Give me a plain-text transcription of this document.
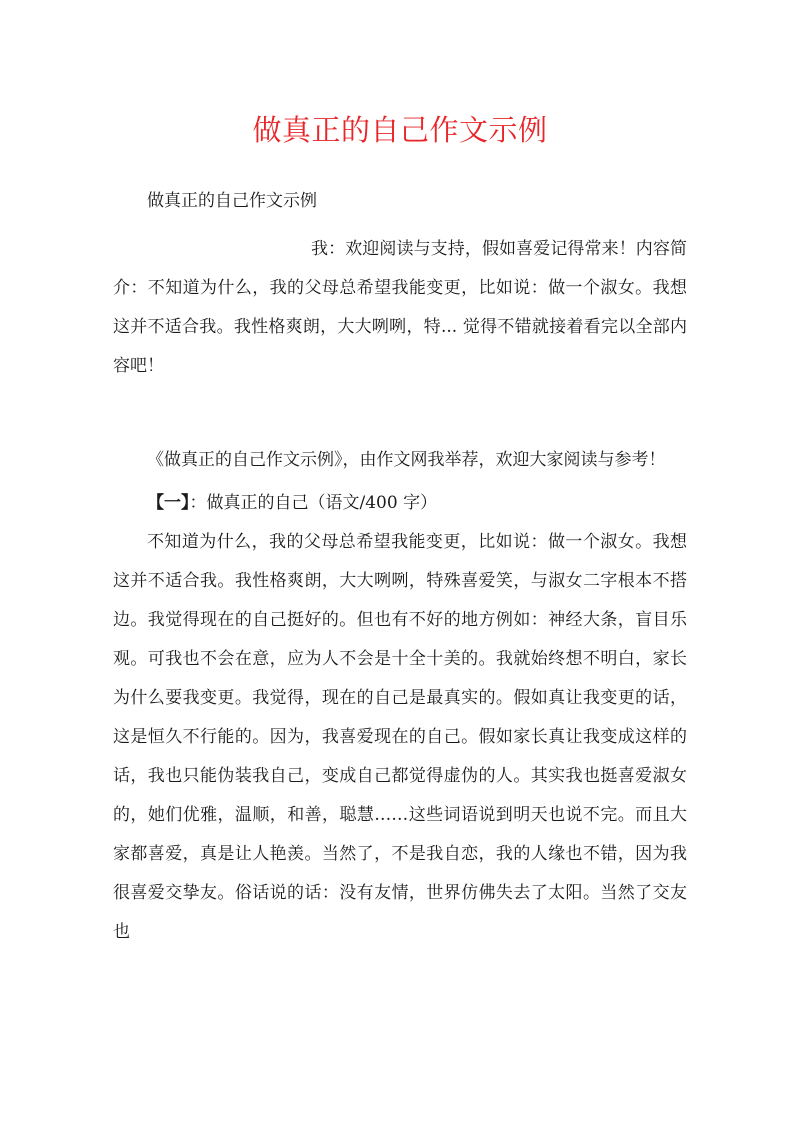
做真正的自己作文示例

做真正的自己作文示例

我：欢迎阅读与支持，假如喜爱记得常来！内容简介：不知道为什么，我的父母总希望我能变更，比如说：做一个淑女。我想这并不适合我。我性格爽朗，大大咧咧，特... 觉得不错就接着看完以全部内容吧！

《做真正的自己作文示例》，由作文网我举荐，欢迎大家阅读与参考！

【一】：做真正的自己（语文/400 字）

不知道为什么，我的父母总希望我能变更，比如说：做一个淑女。我想这并不适合我。我性格爽朗，大大咧咧，特殊喜爱笑，与淑女二字根本不搭边。我觉得现在的自己挺好的。但也有不好的地方例如：神经大条，盲目乐观。可我也不会在意，应为人不会是十全十美的。我就始终想不明白，家长为什么要我变更。我觉得，现在的自己是最真实的。假如真让我变更的话，这是恒久不行能的。因为，我喜爱现在的自己。假如家长真让我变成这样的话，我也只能伪装我自己，变成自己都觉得虚伪的人。其实我也挺喜爱淑女的，她们优雅，温顺，和善，聪慧……这些词语说到明天也说不完。而且大家都喜爱，真是让人艳羡。当然了，不是我自恋，我的人缘也不错，因为我很喜爱交挚友。俗话说的话：没有友情，世界仿佛失去了太阳。当然了交友也
